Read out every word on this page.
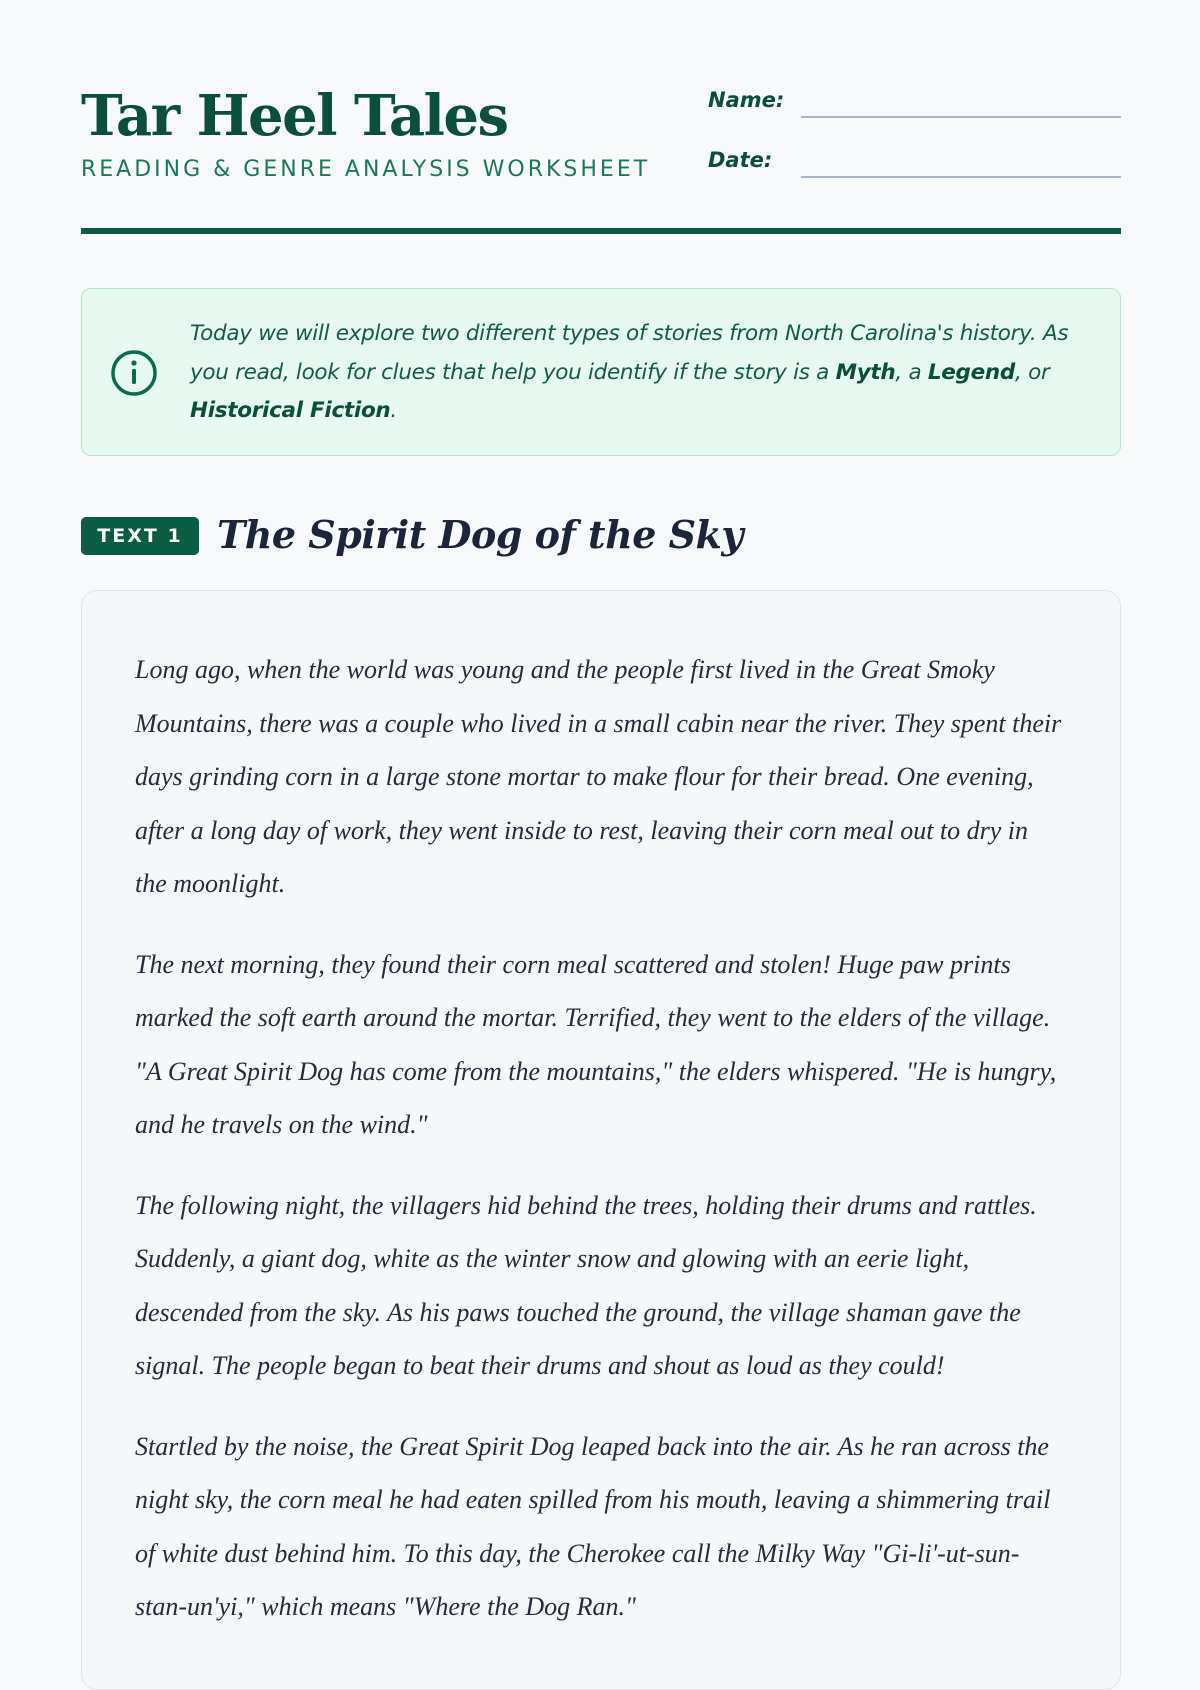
Tar Heel Tales
READING & GENRE ANALYSIS WORKSHEET
Name:
Date:
Today we will explore two different types of stories from North Carolina's history. As you read, look for clues that help you identify if the story is a Myth, a Legend, or Historical Fiction.
TEXT 1 The Spirit Dog of the Sky

Long ago, when the world was young and the people first lived in the Great Smoky Mountains, there was a couple who lived in a small cabin near the river. They spent their days grinding corn in a large stone mortar to make flour for their bread. One evening, after a long day of work, they went inside to rest, leaving their corn meal out to dry in the moonlight.

The next morning, they found their corn meal scattered and stolen! Huge paw prints marked the soft earth around the mortar. Terrified, they went to the elders of the village. "A Great Spirit Dog has come from the mountains," the elders whispered. "He is hungry, and he travels on the wind."

The following night, the villagers hid behind the trees, holding their drums and rattles. Suddenly, a giant dog, white as the winter snow and glowing with an eerie light, descended from the sky. As his paws touched the ground, the village shaman gave the signal. The people began to beat their drums and shout as loud as they could!

Startled by the noise, the Great Spirit Dog leaped back into the air. As he ran across the night sky, the corn meal he had eaten spilled from his mouth, leaving a shimmering trail of white dust behind him. To this day, the Cherokee call the Milky Way "Gi-li'-ut-sun-stan-un'yi," which means "Where the Dog Ran."
